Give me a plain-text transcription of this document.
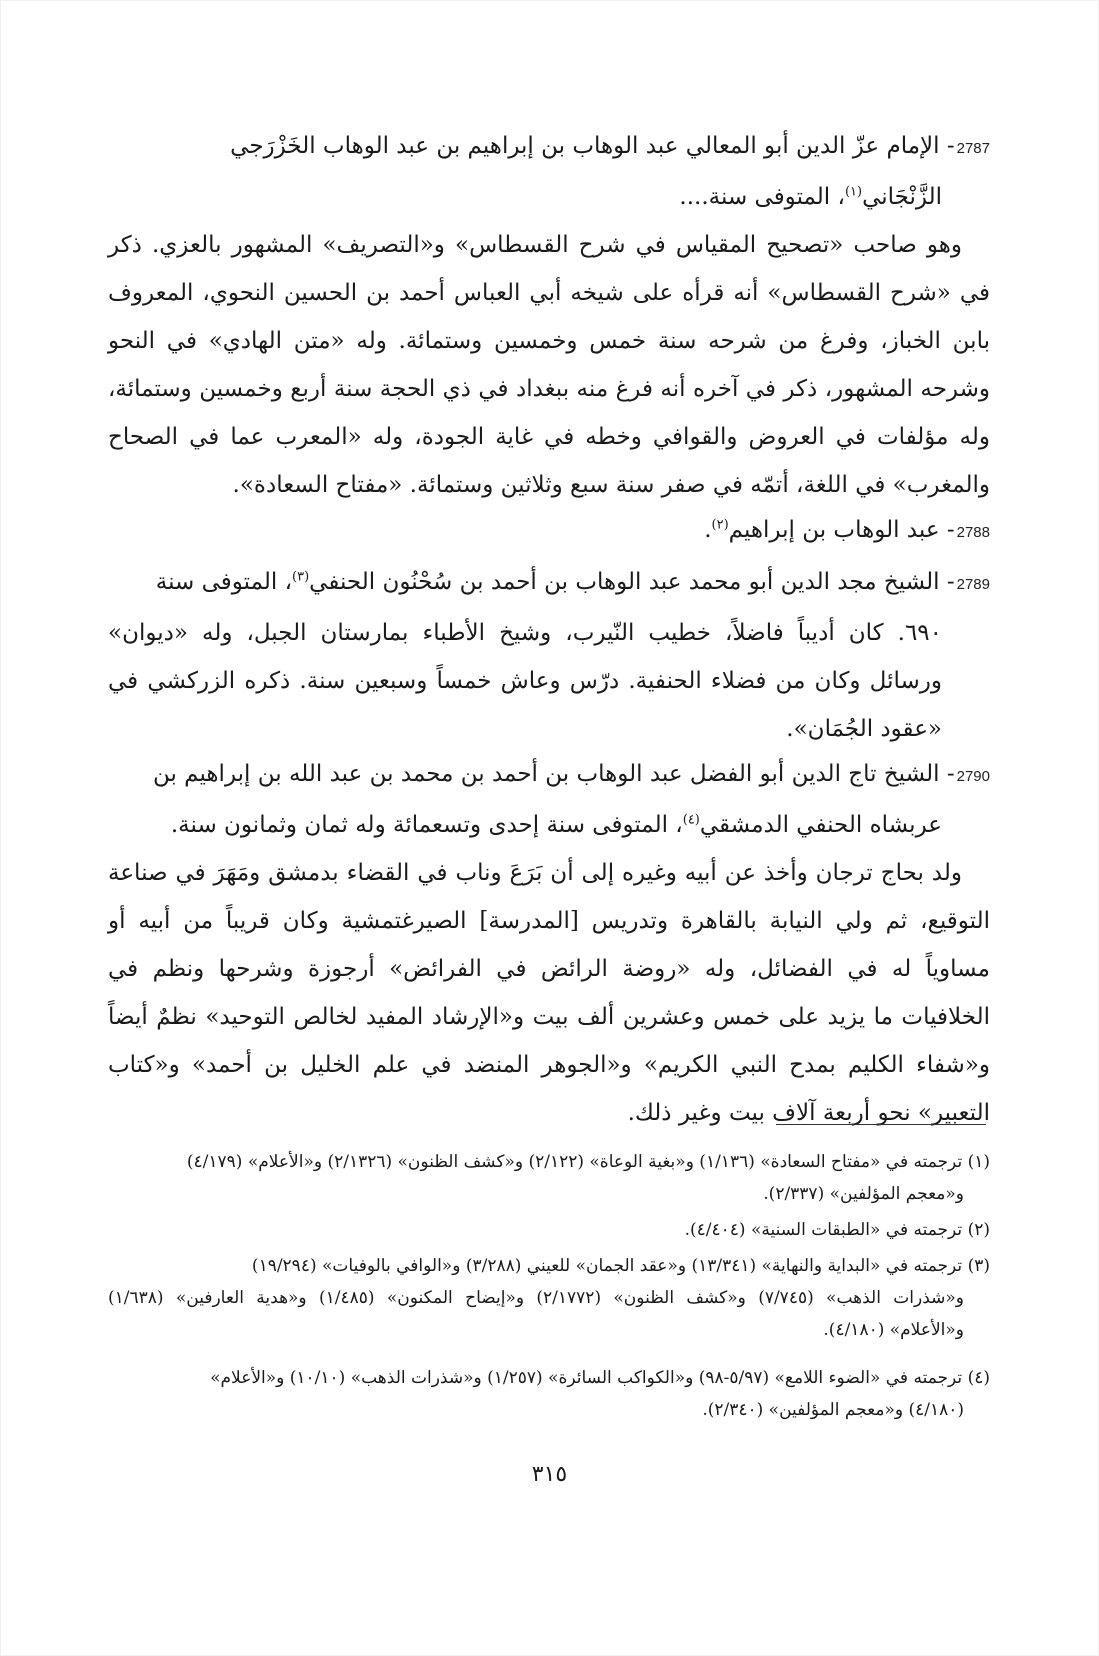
2787- الإمام عزّ الدين أبو المعالي عبد الوهاب بن إبراهيم بن عبد الوهاب الخَزْرَجي
الزَّنْجَاني$^{(١)}$، المتوفى سنة....
وهو صاحب «تصحيح المقياس في شرح القسطاس» و«التصريف» المشهور بالعزي. ذكر في «شرح القسطاس» أنه قرأه على شيخه أبي العباس أحمد بن الحسين النحوي، المعروف بابن الخباز، وفرغ من شرحه سنة خمس وخمسين وستمائة. وله «متن الهادي» في النحو وشرحه المشهور، ذكر في آخره أنه فرغ منه ببغداد في ذي الحجة سنة أربع وخمسين وستمائة، وله مؤلفات في العروض والقوافي وخطه في غاية الجودة، وله «المعرب عما في الصحاح والمغرب» في اللغة، أتمّه في صفر سنة سبع وثلاثين وستمائة. «مفتاح السعادة».
2788- عبد الوهاب بن إبراهيم$^{(٢)}$.
2789- الشيخ مجد الدين أبو محمد عبد الوهاب بن أحمد بن سُحْنُون الحنفي$^{(٣)}$، المتوفى سنة
٦٩٠. كان أديباً فاضلاً، خطيب النّيرب، وشيخ الأطباء بمارستان الجبل، وله «ديوان» ورسائل وكان من فضلاء الحنفية. درّس وعاش خمساً وسبعين سنة. ذكره الزركشي في «عقود الجُمَان».
2790- الشيخ تاج الدين أبو الفضل عبد الوهاب بن أحمد بن محمد بن عبد الله بن إبراهيم بن
عربشاه الحنفي الدمشقي$^{(٤)}$، المتوفى سنة إحدى وتسعمائة وله ثمان وثمانون سنة.
ولد بحاج ترجان وأخذ عن أبيه وغيره إلى أن بَرَعَ وناب في القضاء بدمشق ومَهَرَ في صناعة التوقيع، ثم ولي النيابة بالقاهرة وتدريس [المدرسة] الصيرغتمشية وكان قريباً من أبيه أو مساوياً له في الفضائل، وله «روضة الرائض في الفرائض» أرجوزة وشرحها ونظم في الخلافيات ما يزيد على خمس وعشرين ألف بيت و«الإرشاد المفيد لخالص التوحيد» نظمٌ أيضاً و«شفاء الكليم بمدح النبي الكريم» و«الجوهر المنضد في علم الخليل بن أحمد» و«كتاب التعبير» نحو أربعة آلاف بيت وغير ذلك.
(١) ترجمته في «مفتاح السعادة» (١/١٣٦) و«بغية الوعاة» (٢/١٢٢) و«كشف الظنون» (٢/١٣٢٦) و«الأعلام» (٤/١٧٩)
و«معجم المؤلفين» (٢/٣٣٧).
(٢) ترجمته في «الطبقات السنية» (٤/٤٠٤).
(٣) ترجمته في «البداية والنهاية» (١٣/٣٤١) و«عقد الجمان» للعيني (٣/٢٨٨) و«الوافي بالوفيات» (١٩/٢٩٤)
و«شذرات الذهب» (٧/٧٤٥) و«كشف الظنون» (٢/١٧٧٢) و«إيضاح المكنون» (١/٤٨٥) و«هدية العارفين» (١/٦٣٨) و«الأعلام» (٤/١٨٠).
(٤) ترجمته في «الضوء اللامع» (٥/٩٧-٩٨) و«الكواكب السائرة» (١/٢٥٧) و«شذرات الذهب» (١٠/١٠) و«الأعلام»
(٤/١٨٠) و«معجم المؤلفين» (٢/٣٤٠).
٣١٥
